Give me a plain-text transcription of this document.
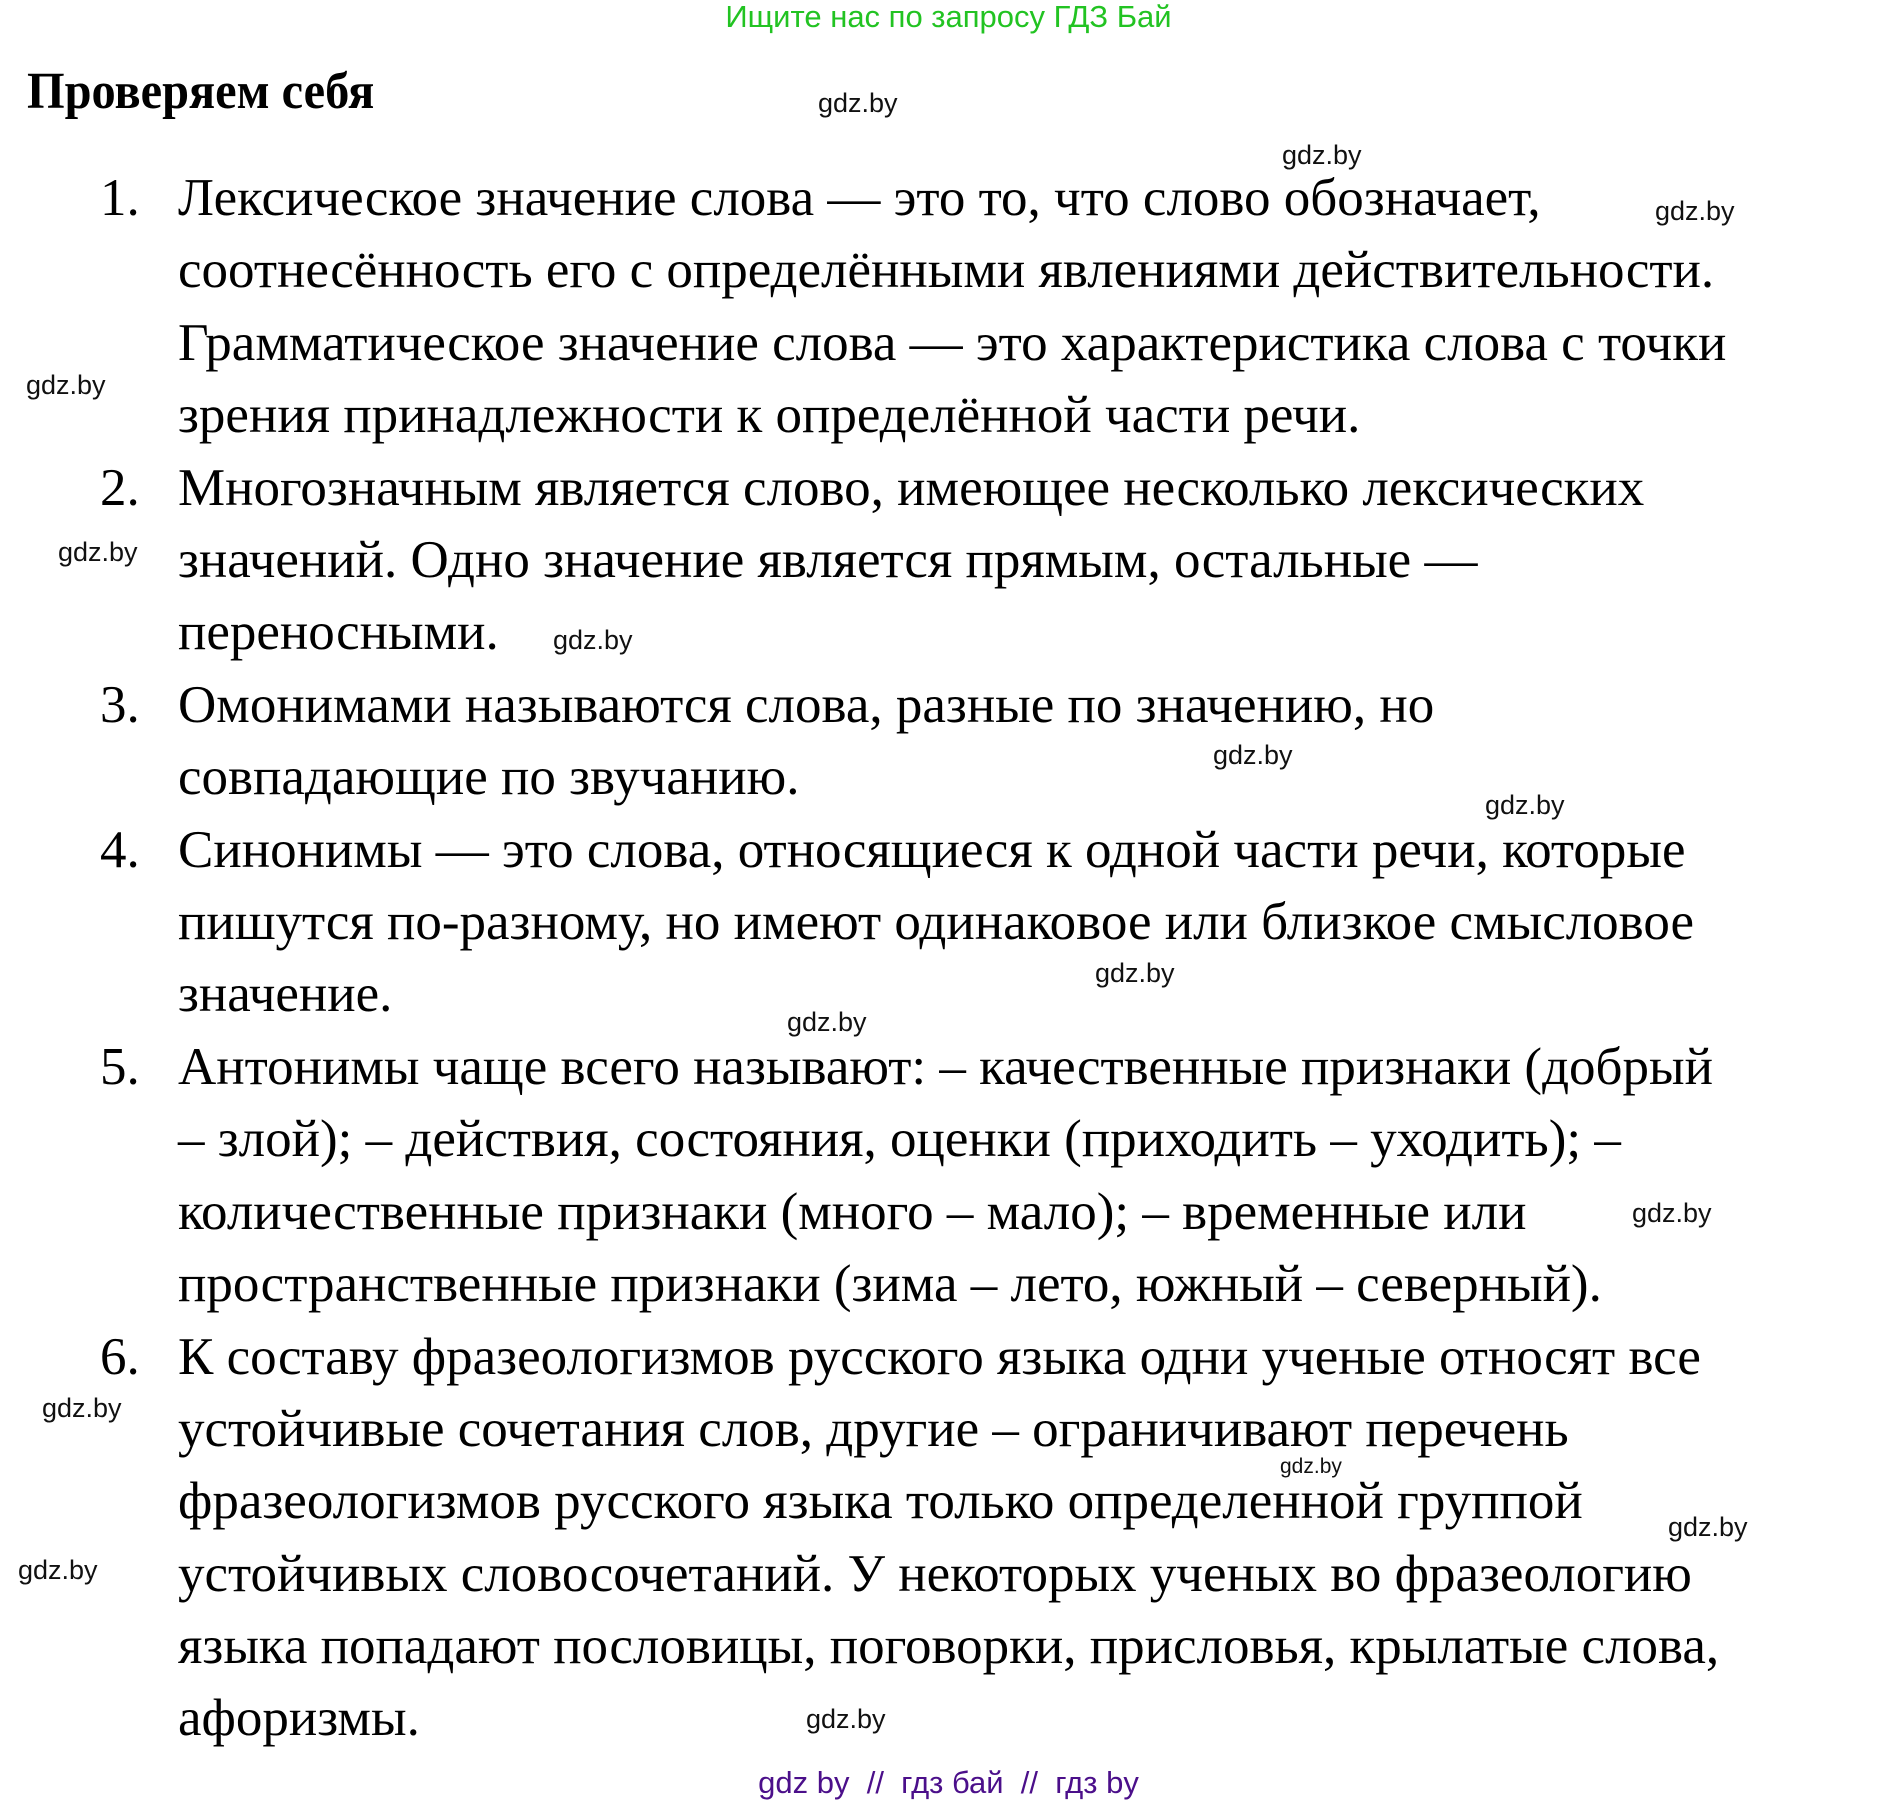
Ищите нас по запросу ГДЗ Бай
Проверяем себя
1. Лексическое значение слова — это то, что слово обозначает,
соотнесённость его с определёнными явлениями действительности.
Грамматическое значение слова — это характеристика слова с точки
зрения принадлежности к определённой части речи.
2. Многозначным является слово, имеющее несколько лексических
значений. Одно значение является прямым, остальные —
переносными.
3. Омонимами называются слова, разные по значению, но
совпадающие по звучанию.
4. Синонимы — это слова, относящиеся к одной части речи, которые
пишутся по-разному, но имеют одинаковое или близкое смысловое
значение.
5. Антонимы чаще всего называют: – качественные признаки (добрый
– злой); – действия, состояния, оценки (приходить – уходить); –
количественные признаки (много – мало); – временные или
пространственные признаки (зима – лето, южный – северный).
6. К составу фразеологизмов русского языка одни ученые относят все
устойчивые сочетания слов, другие – ограничивают перечень
фразеологизмов русского языка только определенной группой
устойчивых словосочетаний. У некоторых ученых во фразеологию
языка попадают пословицы, поговорки, присловья, крылатые слова,
афоризмы.
gdz.by
gdz.by
gdz.by
gdz.by
gdz.by
gdz.by
gdz.by
gdz.by
gdz.by
gdz.by
gdz.by
gdz.by
gdz.by
gdz.by
gdz.by
gdz.by
gdz by  //  гдз бай  //  гдз by
